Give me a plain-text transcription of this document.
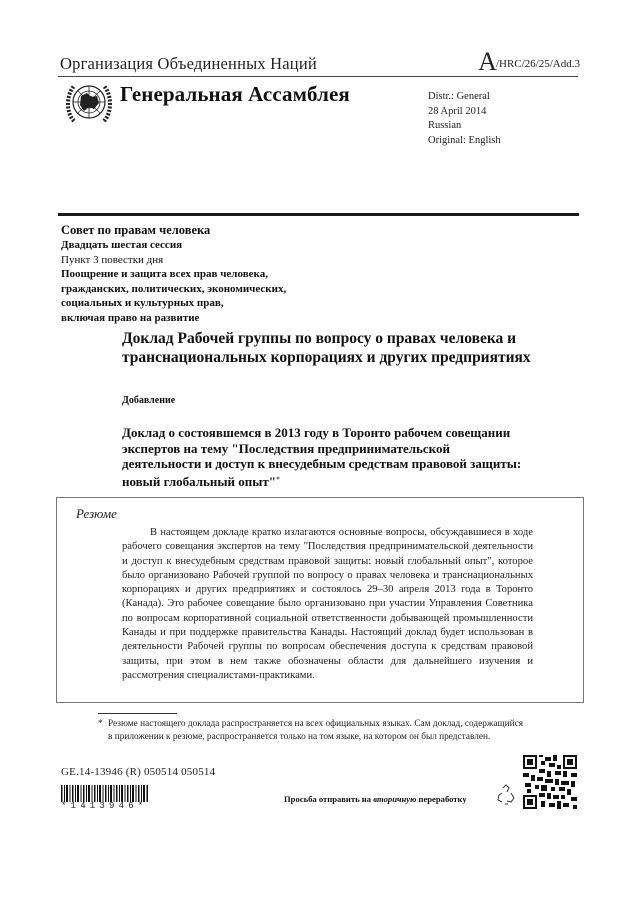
Организация Объединенных Наций	A/HRC/26/25/Add.3
Генеральная Ассамблея	Distr.: General
28 April 2014
Russian
Original: English
Совет по правам человека
Двадцать шестая сессия
Пункт 3 повестки дня
Поощрение и защита всех прав человека,
гражданских, политических, экономических,
социальных и культурных прав,
включая право на развитие
Доклад Рабочей группы по вопросу о правах человека и транснациональных корпорациях и других предприятиях
Добавление
Доклад о состоявшемся в 2013 году в Торонто рабочем совещании экспертов на тему "Последствия предпринимательской деятельности и доступ к внесудебным средствам правовой защиты: новый глобальный опыт"*
Резюме

В настоящем докладе кратко излагаются основные вопросы, обсуждавшиеся в ходе рабочего совещания экспертов на тему "Последствия предпринимательской деятельности и доступ к внесудебным средствам правовой защиты: новый глобальный опыт", которое было организовано Рабочей группой по вопросу о правах человека и транснациональных корпорациях и других предприятиях и состоялось 29–30 апреля 2013 года в Торонто (Канада). Это рабочее совещание было организовано при участии Управления Советника по вопросам корпоративной социальной ответственности добывающей промышленности Канады и при поддержке правительства Канады. Настоящий доклад будет использован в деятельности Рабочей группы по вопросам обеспечения доступа к средствам правовой защиты, при этом в нем также обозначены области для дальнейшего изучения и рассмотрения специалистами-практиками.

* Резюме настоящего доклада распространяется на всех официальных языках. Сам доклад, содержащийся в приложении к резюме, распространяется только на том языке, на котором он был представлен.
GE.14-13946 (R) 050514 050514
*1413946*
Просьба отправить на вторичную переработку
